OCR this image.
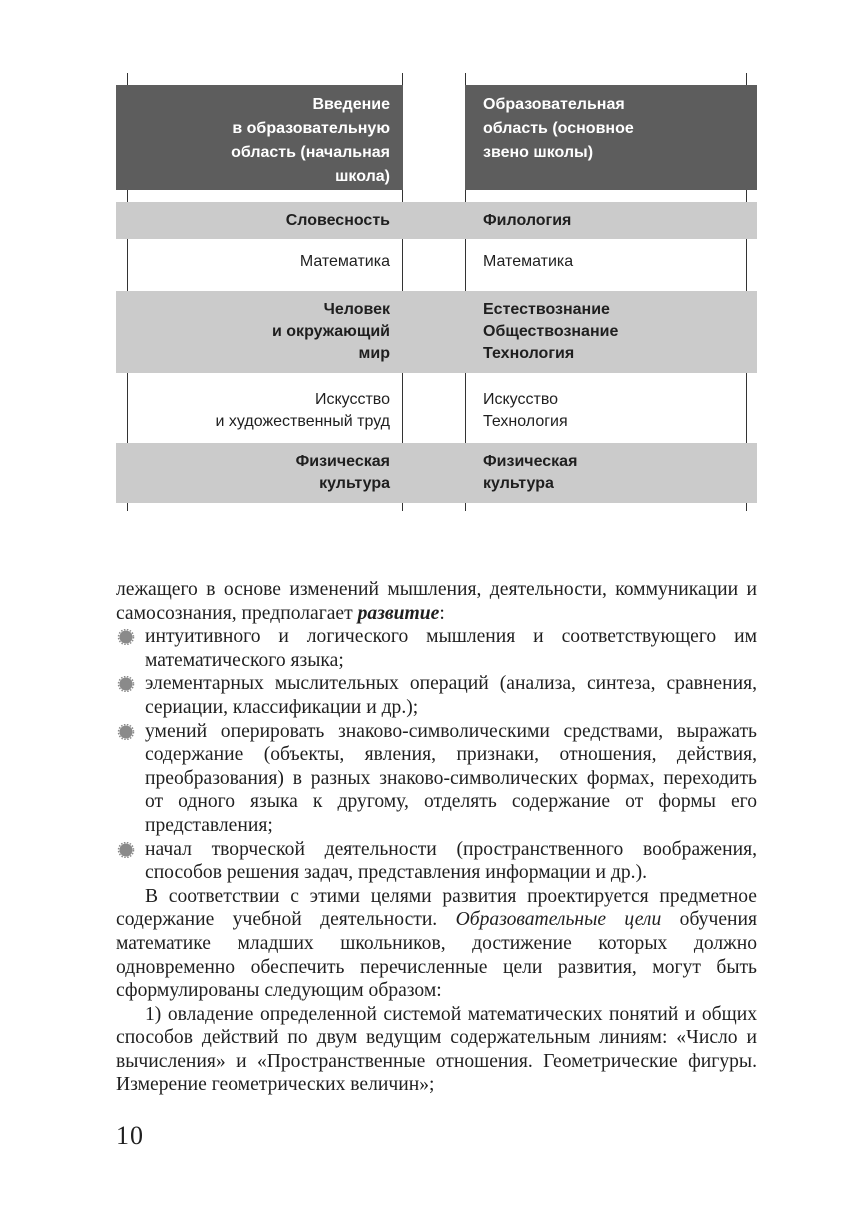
Введение
в образовательную
область (начальная
школа)
Образовательная
область (основное
звено школы)
Словесность	Филология
Математика	Математика
Человек
и окружающий
мир
Естествознание
Обществознание
Технология
Искусство
и художественный труд
Искусство
Технология
Физическая
культура
Физическая
культура

лежащего в основе изменений мышления, деятельности, коммуникации и самосознания, предполагает развитие:

интуитивного и логического мышления и соответствующего им математического языка;
элементарных мыслительных операций (анализа, синтеза, сравнения, сериации, классификации и др.);
умений оперировать знаково-символическими средствами, выражать содержание (объекты, явления, признаки, отношения, действия, преобразования) в разных знаково-символических формах, переходить от одного языка к другому, отделять содержание от формы его представления;
начал творческой деятельности (пространственного воображения, способов решения задач, представления информации и др.).

В соответствии с этими целями развития проектируется предметное содержание учебной деятельности. Образовательные цели обучения математике младших школьников, достижение которых должно одновременно обеспечить перечисленные цели развития, могут быть сформулированы следующим образом:

1) овладение определенной системой математических понятий и общих способов действий по двум ведущим содержательным линиям: «Число и вычисления» и «Пространственные отношения. Геометрические фигуры. Измерение геометрических величин»;

10
